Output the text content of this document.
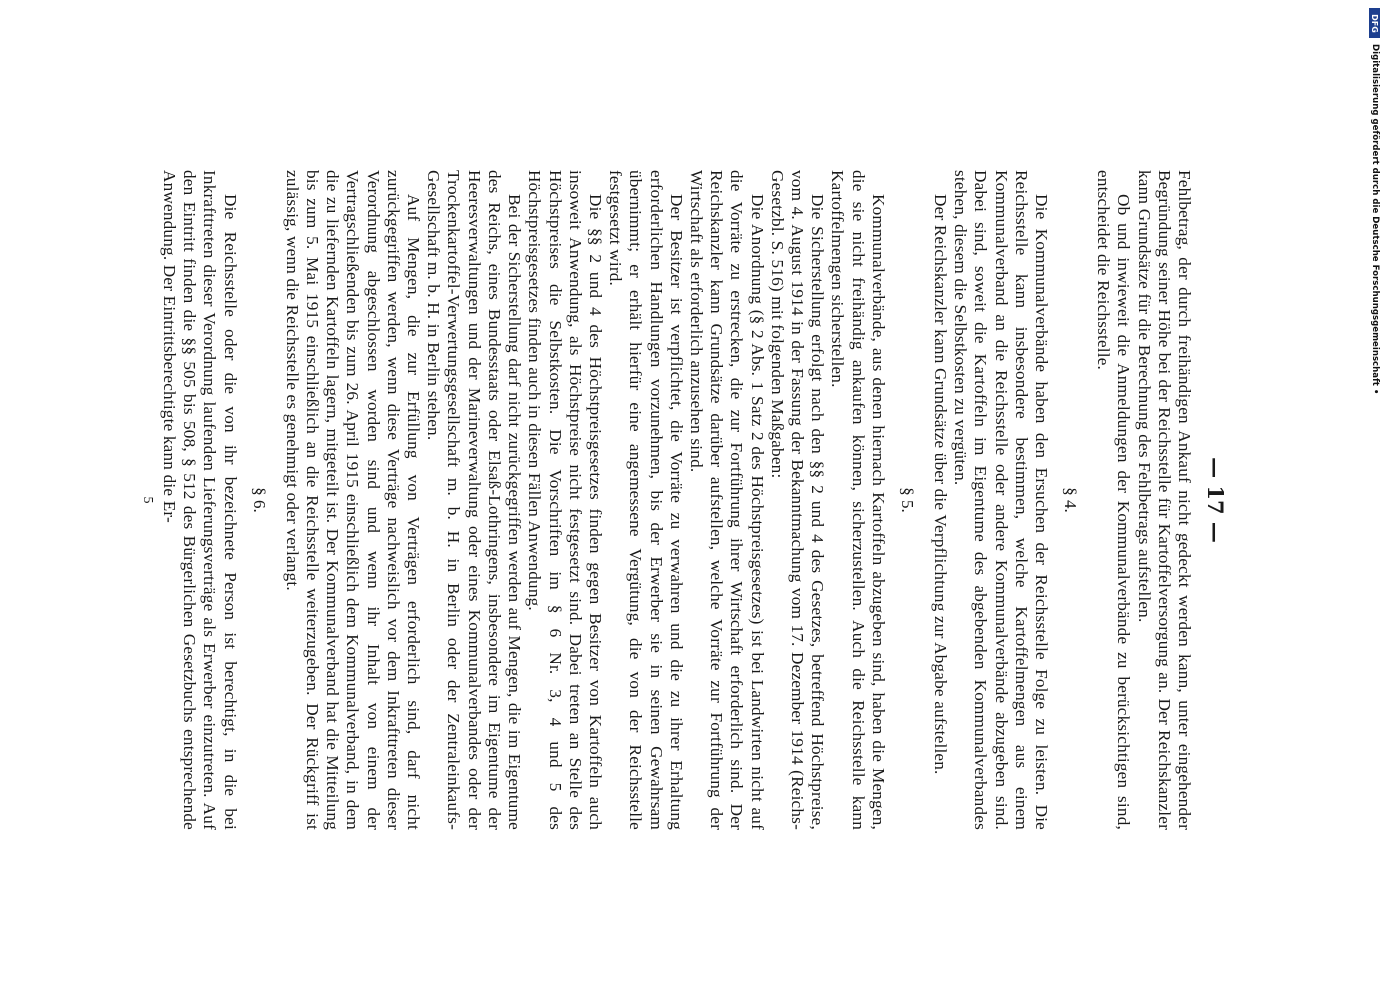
— 17 —

Fehlbetrag, der durch freihändigen Ankauf nicht gedeckt werden kann, unter eingehender Begründung seiner Höhe bei der Reichsstelle für Kartoffelversorgung an. Der Reichskanzler kann Grundsätze für die Berechnung des Fehlbetrags aufstellen.

Ob und inwieweit die Anmeldungen der Kommunalverbände zu berücksichtigen sind, entscheidet die Reichsstelle.

§ 4.

Die Kommunalverbände haben den Ersuchen der Reichsstelle Folge zu leisten. Die Reichsstelle kann insbesondere bestimmen, welche Kartoffelmengen aus einem Kommunalverband an die Reichsstelle oder andere Kommunalverbände abzugeben sind. Dabei sind, soweit die Kartoffeln im Eigentume des abgebenden Kommunalverbandes stehen, diesem die Selbstkosten zu vergüten.

Der Reichskanzler kann Grundsätze über die Verpflichtung zur Abgabe aufstellen.

§ 5.

Kommunalverbände, aus denen hiernach Kartoffeln abzugeben sind, haben die Mengen, die sie nicht freihändig ankaufen können, sicherzustellen. Auch die Reichsstelle kann Kartoffelmengen sicherstellen.

Die Sicherstellung erfolgt nach den §§ 2 und 4 des Gesetzes, betreffend Höchstpreise, vom 4. August 1914 in der Fassung der Bekanntmachung vom 17. Dezember 1914 (Reichs-Gesetzbl. S. 516) mit folgenden Maßgaben:

Die Anordnung (§ 2 Abs. 1 Satz 2 des Höchstpreisgesetzes) ist bei Landwirten nicht auf die Vorräte zu erstrecken, die zur Fortführung ihrer Wirtschaft erforderlich sind. Der Reichskanzler kann Grundsätze darüber aufstellen, welche Vorräte zur Fortführung der Wirtschaft als erforderlich anzusehen sind.

Der Besitzer ist verpflichtet, die Vorräte zu verwahren und die zu ihrer Erhaltung erforderlichen Handlungen vorzunehmen, bis der Erwerber sie in seinen Gewahrsam übernimmt; er erhält hierfür eine angemessene Vergütung, die von der Reichsstelle festgesetzt wird.

Die §§ 2 und 4 des Höchstpreisgesetzes finden gegen Besitzer von Kartoffeln auch insoweit Anwendung, als Höchstpreise nicht festgesetzt sind. Dabei treten an Stelle des Höchstpreises die Selbstkosten. Die Vorschriften im § 6 Nr. 3, 4 und 5 des Höchstpreisgesetzes finden auch in diesen Fällen Anwendung.

Bei der Sicherstellung darf nicht zurückgegriffen werden auf Mengen, die im Eigentume des Reichs, eines Bundesstaats oder Elsaß-Lothringens, insbesondere im Eigentume der Heeresverwaltungen und der Marineverwaltung oder eines Kommunalverbandes oder der Trockenkartoffel-Verwertungsgesellschaft m. b. H. in Berlin oder der Zentraleinkaufs-Gesellschaft m. b. H. in Berlin stehen.

Auf Mengen, die zur Erfüllung von Verträgen erforderlich sind, darf nicht zurückgegriffen werden, wenn diese Verträge nachweislich vor dem Inkrafttreten dieser Verordnung abgeschlossen worden sind und wenn ihr Inhalt von einem der Vertragschließenden bis zum 26. April 1915 einschließlich dem Kommunalverband, in dem die zu liefernden Kartoffeln lagern, mitgeteilt ist. Der Kommunalverband hat die Mitteilung bis zum 5. Mai 1915 einschließlich an die Reichsstelle weiterzugeben. Der Rückgriff ist zulässig, wenn die Reichsstelle es genehmigt oder verlangt.

§ 6.

Die Reichsstelle oder die von ihr bezeichnete Person ist berechtigt, in die bei Inkrafttreten dieser Verordnung laufenden Lieferungsverträge als Erwerber einzutreten. Auf den Eintritt finden die §§ 505 bis 508, § 512 des Bürgerlichen Gesetzbuchs entsprechende Anwendung. Der Eintrittsberechtigte kann die Er-

5
DFG
Digitalisierung gefördert durch die Deutsche Forschungsgemeinschaft •
